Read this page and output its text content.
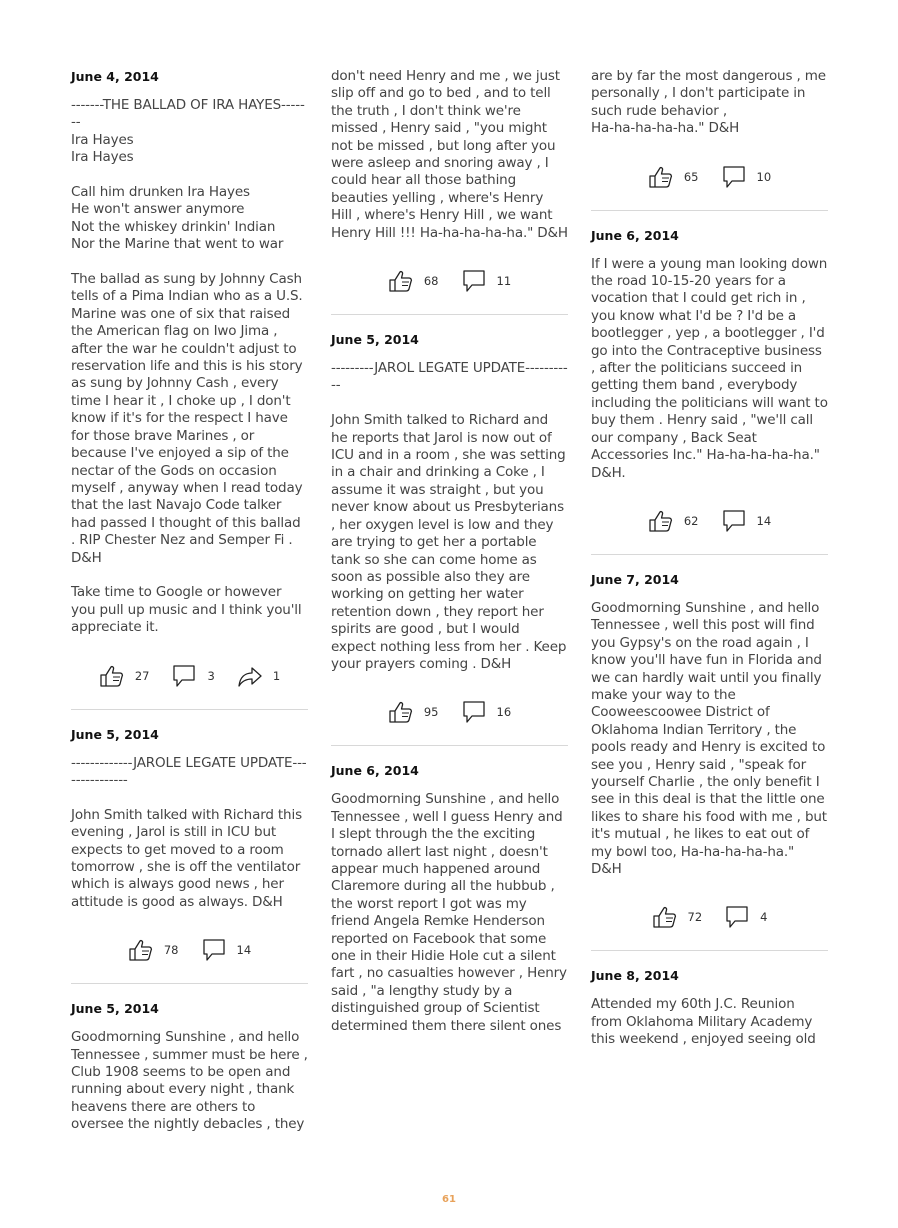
June 4, 2014

-------THE BALLAD OF IRA HAYES-------
Ira Hayes
Ira Hayes

Call him drunken Ira Hayes
He won't answer anymore
Not the whiskey drinkin' Indian
Nor the Marine that went to war

The ballad as sung by Johnny Cash tells of a Pima Indian who as a U.S. Marine was one of six that raised the American flag on Iwo Jima , after the war he couldn't adjust to reservation life and this is his story as sung by Johnny Cash , every time I hear it , I choke up , I don't know if it's for the respect I have for those brave Marines , or because I've enjoyed a sip of the nectar of the Gods on occasion myself , anyway when I read today that the last Navajo Code talker had passed I thought of this ballad . RIP Chester Nez and Semper Fi . D&H

Take time to Google or however you pull up music and I think you'll appreciate it.

27	3	1

June 5, 2014

-------------JAROLE LEGATE UPDATE---------------

John Smith talked with Richard this evening , Jarol is still in ICU but expects to get moved to a room tomorrow , she is off the ventilator which is always good news , her attitude is good as always. D&H

78	14

June 5, 2014

Goodmorning Sunshine , and hello Tennessee , summer must be here , Club 1908 seems to be open and running about every night , thank heavens there are others to oversee the nightly debacles , they

don't need Henry and me , we just slip off and go to bed , and to tell the truth , I don't think we're missed , Henry said , "you might not be missed , but long after you were asleep and snoring away , I could hear all those bathing beauties yelling , where's Henry Hill , where's Henry Hill , we want Henry Hill !!! Ha-ha-ha-ha-ha." D&H

68	11

June 5, 2014

---------JAROL LEGATE UPDATE-----------

John Smith talked to Richard and he reports that Jarol is now out of ICU and in a room , she was setting in a chair and drinking a Coke , I assume it was straight , but you never know about us Presbyterians , her oxygen level is low and they are trying to get her a portable tank so she can come home as soon as possible also they are working on getting her water retention down , they report her spirits are good , but I would expect nothing less from her . Keep your prayers coming . D&H

95	16

June 6, 2014

Goodmorning Sunshine , and hello Tennessee , well I guess Henry and I slept through the the exciting tornado allert last night , doesn't appear much happened around Claremore during all the hubbub , the worst report I got was my friend Angela Remke Henderson reported on Facebook that some one in their Hidie Hole cut a silent fart , no casualties however , Henry said , "a lengthy study by a distinguished group of Scientist determined them there silent ones

are by far the most dangerous , me personally , I don't participate in such rude behavior ,
Ha-ha-ha-ha-ha." D&H

65	10

June 6, 2014

If I were a young man looking down the road 10-15-20 years for a vocation that I could get rich in , you know what I'd be ? I'd be a bootlegger , yep , a bootlegger , I'd go into the Contraceptive business , after the politicians succeed in getting them band , everybody including the politicians will want to buy them . Henry said , "we'll call our company , Back Seat Accessories Inc." Ha-ha-ha-ha-ha." D&H.

62	14

June 7, 2014

Goodmorning Sunshine , and hello Tennessee , well this post will find you Gypsy's on the road again , I know you'll have fun in Florida and we can hardly wait until you finally make your way to the Cooweescoowee District of Oklahoma Indian Territory , the pools ready and Henry is excited to see you , Henry said , "speak for yourself Charlie , the only benefit I see in this deal is that the little one likes to share his food with me , but it's mutual , he likes to eat out of my bowl too, Ha-ha-ha-ha-ha." D&H

72	4

June 8, 2014

Attended my 60th J.C. Reunion from Oklahoma Military Academy this weekend , enjoyed seeing old

61
